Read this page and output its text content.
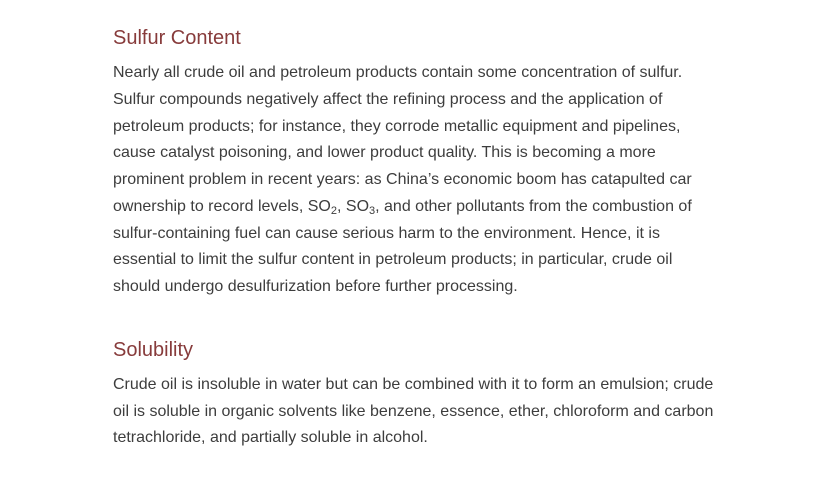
Sulfur Content

Nearly all crude oil and petroleum products contain some concentration of sulfur. Sulfur compounds negatively affect the refining process and the application of petroleum products; for instance, they corrode metallic equipment and pipelines, cause catalyst poisoning, and lower product quality. This is becoming a more prominent problem in recent years: as China’s economic boom has catapulted car ownership to record levels, $SO_2$, $SO_3$, and other pollutants from the combustion of sulfur-containing fuel can cause serious harm to the environment. Hence, it is essential to limit the sulfur content in petroleum products; in particular, crude oil should undergo desulfurization before further processing.

Solubility

Crude oil is insoluble in water but can be combined with it to form an emulsion; crude oil is soluble in organic solvents like benzene, essence, ether, chloroform and carbon tetrachloride, and partially soluble in alcohol.
